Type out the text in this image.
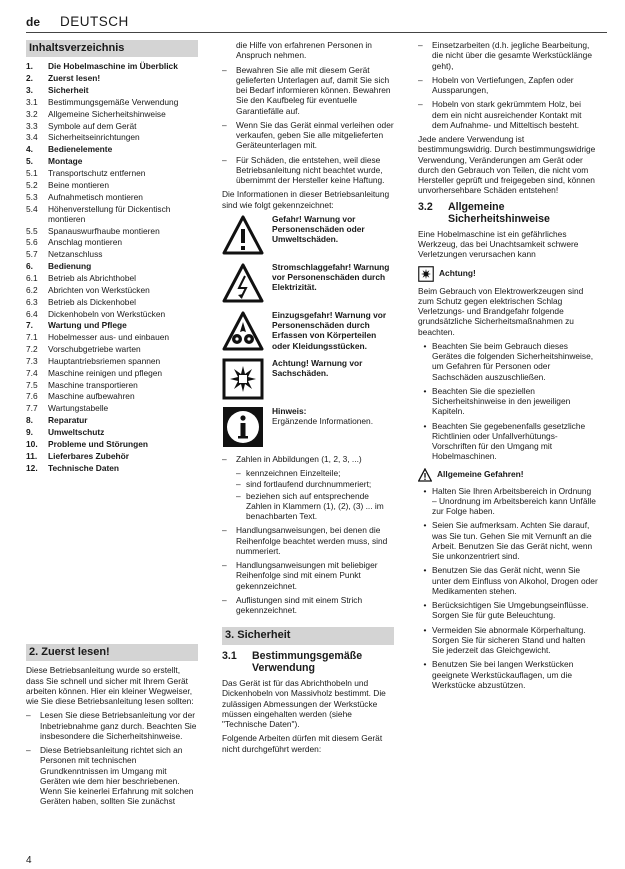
de DEUTSCH
Inhaltsverzeichnis
1.	Die Hobelmaschine im Überblick
2.	Zuerst lesen!
3.	Sicherheit
3.1	Bestimmungsgemäße Verwendung
3.2	Allgemeine Sicherheitshinweise
3.3	Symbole auf dem Gerät
3.4	Sicherheitseinrichtungen
4.	Bedienelemente
5.	Montage
5.1	Transportschutz entfernen
5.2	Beine montieren
5.3	Aufnahmetisch montieren
5.4	Höhenverstellung für Dickentisch montieren
5.5	Spanauswurfhaube montieren
5.6	Anschlag montieren
5.7	Netzanschluss
6.	Bedienung
6.1	Betrieb als Abrichthobel
6.2	Abrichten von Werkstücken
6.3	Betrieb als Dickenhobel
6.4	Dickenhobeln von Werkstücken
7.	Wartung und Pflege
7.1	Hobelmesser aus- und einbauen
7.2	Vorschubgetriebe warten
7.3	Hauptantriebsriemen spannen
7.4	Maschine reinigen und pflegen
7.5	Maschine transportieren
7.6	Maschine aufbewahren
7.7	Wartungstabelle
8.	Reparatur
9.	Umweltschutz
10.	Probleme und Störungen
11.	Lieferbares Zubehör
12.	Technische Daten
2. Zuerst lesen!

Diese Betriebsanleitung wurde so erstellt, dass Sie schnell und sicher mit Ihrem Gerät arbeiten können. Hier ein kleiner Wegweiser, wie Sie diese Betriebsanleitung lesen sollten:

–	Lesen Sie diese Betriebsanleitung vor der Inbetriebnahme ganz durch. Beachten Sie insbesondere die Sicherheitshinweise.
–	Diese Betriebsanleitung richtet sich an Personen mit technischen Grundkenntnissen im Umgang mit Geräten wie dem hier beschriebenen. Wenn Sie keinerlei Erfahrung mit solchen Geräten haben, sollten Sie zunächst
die Hilfe von erfahrenen Personen in Anspruch nehmen.
–	Bewahren Sie alle mit diesem Gerät gelieferten Unterlagen auf, damit Sie sich bei Bedarf informieren können. Bewahren Sie den Kaufbeleg für eventuelle Garantiefälle auf.
–	Wenn Sie das Gerät einmal verleihen oder verkaufen, geben Sie alle mitgelieferten Geräteunterlagen mit.
–	Für Schäden, die entstehen, weil diese Betriebsanleitung nicht beachtet wurde, übernimmt der Hersteller keine Haftung.

Die Informationen in dieser Betriebsanleitung sind wie folgt gekennzeichnet:

Gefahr! Warnung vor Personenschäden oder Umweltschäden.
Stromschlaggefahr! Warnung vor Personenschäden durch Elektrizität.
Einzugsgefahr! Warnung vor Personenschäden durch Erfassen von Körperteilen oder Kleidungsstücken.
Achtung! Warnung vor Sachschäden.
Hinweis:
Ergänzende Informationen.
–	Zahlen in Abbildungen (1, 2, 3, ...)
– kennzeichnen Einzelteile;
– sind fortlaufend durchnummeriert;
– beziehen sich auf entsprechende Zahlen in Klammern (1), (2), (3) ... im benachbarten Text.
–	Handlungsanweisungen, bei denen die Reihenfolge beachtet werden muss, sind nummeriert.
–	Handlungsanweisungen mit beliebiger Reihenfolge sind mit einem Punkt gekennzeichnet.
–	Auflistungen sind mit einem Strich gekennzeichnet.
3. Sicherheit
3.1	Bestimmungsgemäße Verwendung

Das Gerät ist für das Abrichthobeln und Dickenhobeln von Massivholz bestimmt. Die zulässigen Abmessungen der Werkstücke müssen eingehalten werden (siehe "Technische Daten").

Folgende Arbeiten dürfen mit diesem Gerät nicht durchgeführt werden:

–	Einsetzarbeiten (d.h. jegliche Bearbeitung, die nicht über die gesamte Werkstücklänge geht),
–	Hobeln von Vertiefungen, Zapfen oder Aussparungen,
–	Hobeln von stark gekrümmtem Holz, bei dem ein nicht ausreichender Kontakt mit dem Aufnahme- und Mitteltisch besteht.

Jede andere Verwendung ist bestimmungswidrig. Durch bestimmungswidrige Verwendung, Veränderungen am Gerät oder durch den Gebrauch von Teilen, die nicht vom Hersteller geprüft und freigegeben sind, können unvorhersehbare Schäden entstehen!

3.2	Allgemeine Sicherheitshinweise

Eine Hobelmaschine ist ein gefährliches Werkzeug, das bei Unachtsamkeit schwere Verletzungen verursachen kann

Achtung!

Beim Gebrauch von Elektrowerkzeugen sind zum Schutz gegen elektrischen Schlag Verletzungs- und Brandgefahr folgende grundsätzliche Sicherheitsmaßnahmen zu beachten.

• Beachten Sie beim Gebrauch dieses Gerätes die folgenden Sicherheitshinweise, um Gefahren für Personen oder Sachschäden auszuschließen.
• Beachten Sie die speziellen Sicherheitshinweise in den jeweiligen Kapiteln.
• Beachten Sie gegebenenfalls gesetzliche Richtlinien oder Unfallverhütungs-Vorschriften für den Umgang mit Hobelmaschinen.
Allgemeine Gefahren!
• Halten Sie Ihren Arbeitsbereich in Ordnung – Unordnung im Arbeitsbereich kann Unfälle zur Folge haben.
• Seien Sie aufmerksam. Achten Sie darauf, was Sie tun. Gehen Sie mit Vernunft an die Arbeit. Benutzen Sie das Gerät nicht, wenn Sie unkonzentriert sind.
• Benutzen Sie das Gerät nicht, wenn Sie unter dem Einfluss von Alkohol, Drogen oder Medikamenten stehen.
• Berücksichtigen Sie Umgebungseinflüsse. Sorgen Sie für gute Beleuchtung.
• Vermeiden Sie abnormale Körperhaltung. Sorgen Sie für sicheren Stand und halten Sie jederzeit das Gleichgewicht.
• Benutzen Sie bei langen Werkstücken geeignete Werkstückauflagen, um die Werkstücke abzustützen.
4
